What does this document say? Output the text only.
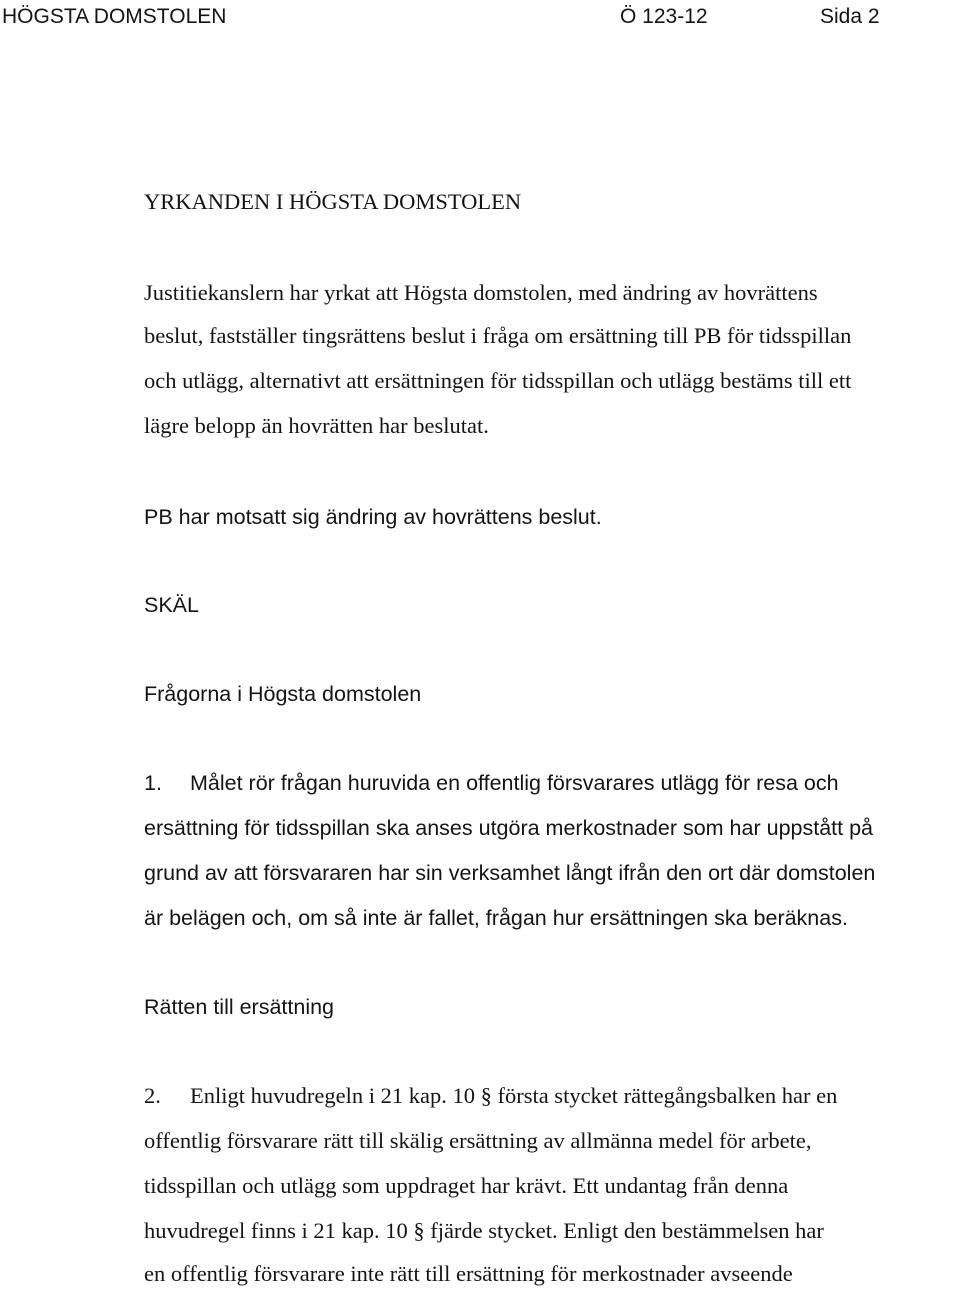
HÖGSTA DOMSTOLEN	Ö 123-12	Sida 2
YRKANDEN I HÖGSTA DOMSTOLEN
Justitiekanslern har yrkat att Högsta domstolen, med ändring av hovrättens
beslut, fastställer tingsrättens beslut i fråga om ersättning till PB för tidsspillan
och utlägg, alternativt att ersättningen för tidsspillan och utlägg bestäms till ett
lägre belopp än hovrätten har beslutat.
PB har motsatt sig ändring av hovrättens beslut.
SKÄL
Frågorna i Högsta domstolen
1. Målet rör frågan huruvida en offentlig försvarares utlägg för resa och
ersättning för tidsspillan ska anses utgöra merkostnader som har uppstått på
grund av att försvararen har sin verksamhet långt ifrån den ort där domstolen
är belägen och, om så inte är fallet, frågan hur ersättningen ska beräknas.
Rätten till ersättning
2. Enligt huvudregeln i 21 kap. 10 § första stycket rättegångsbalken har en
offentlig försvarare rätt till skälig ersättning av allmänna medel för arbete,
tidsspillan och utlägg som uppdraget har krävt. Ett undantag från denna
huvudregel finns i 21 kap. 10 § fjärde stycket. Enligt den bestämmelsen har
en offentlig försvarare inte rätt till ersättning för merkostnader avseende
